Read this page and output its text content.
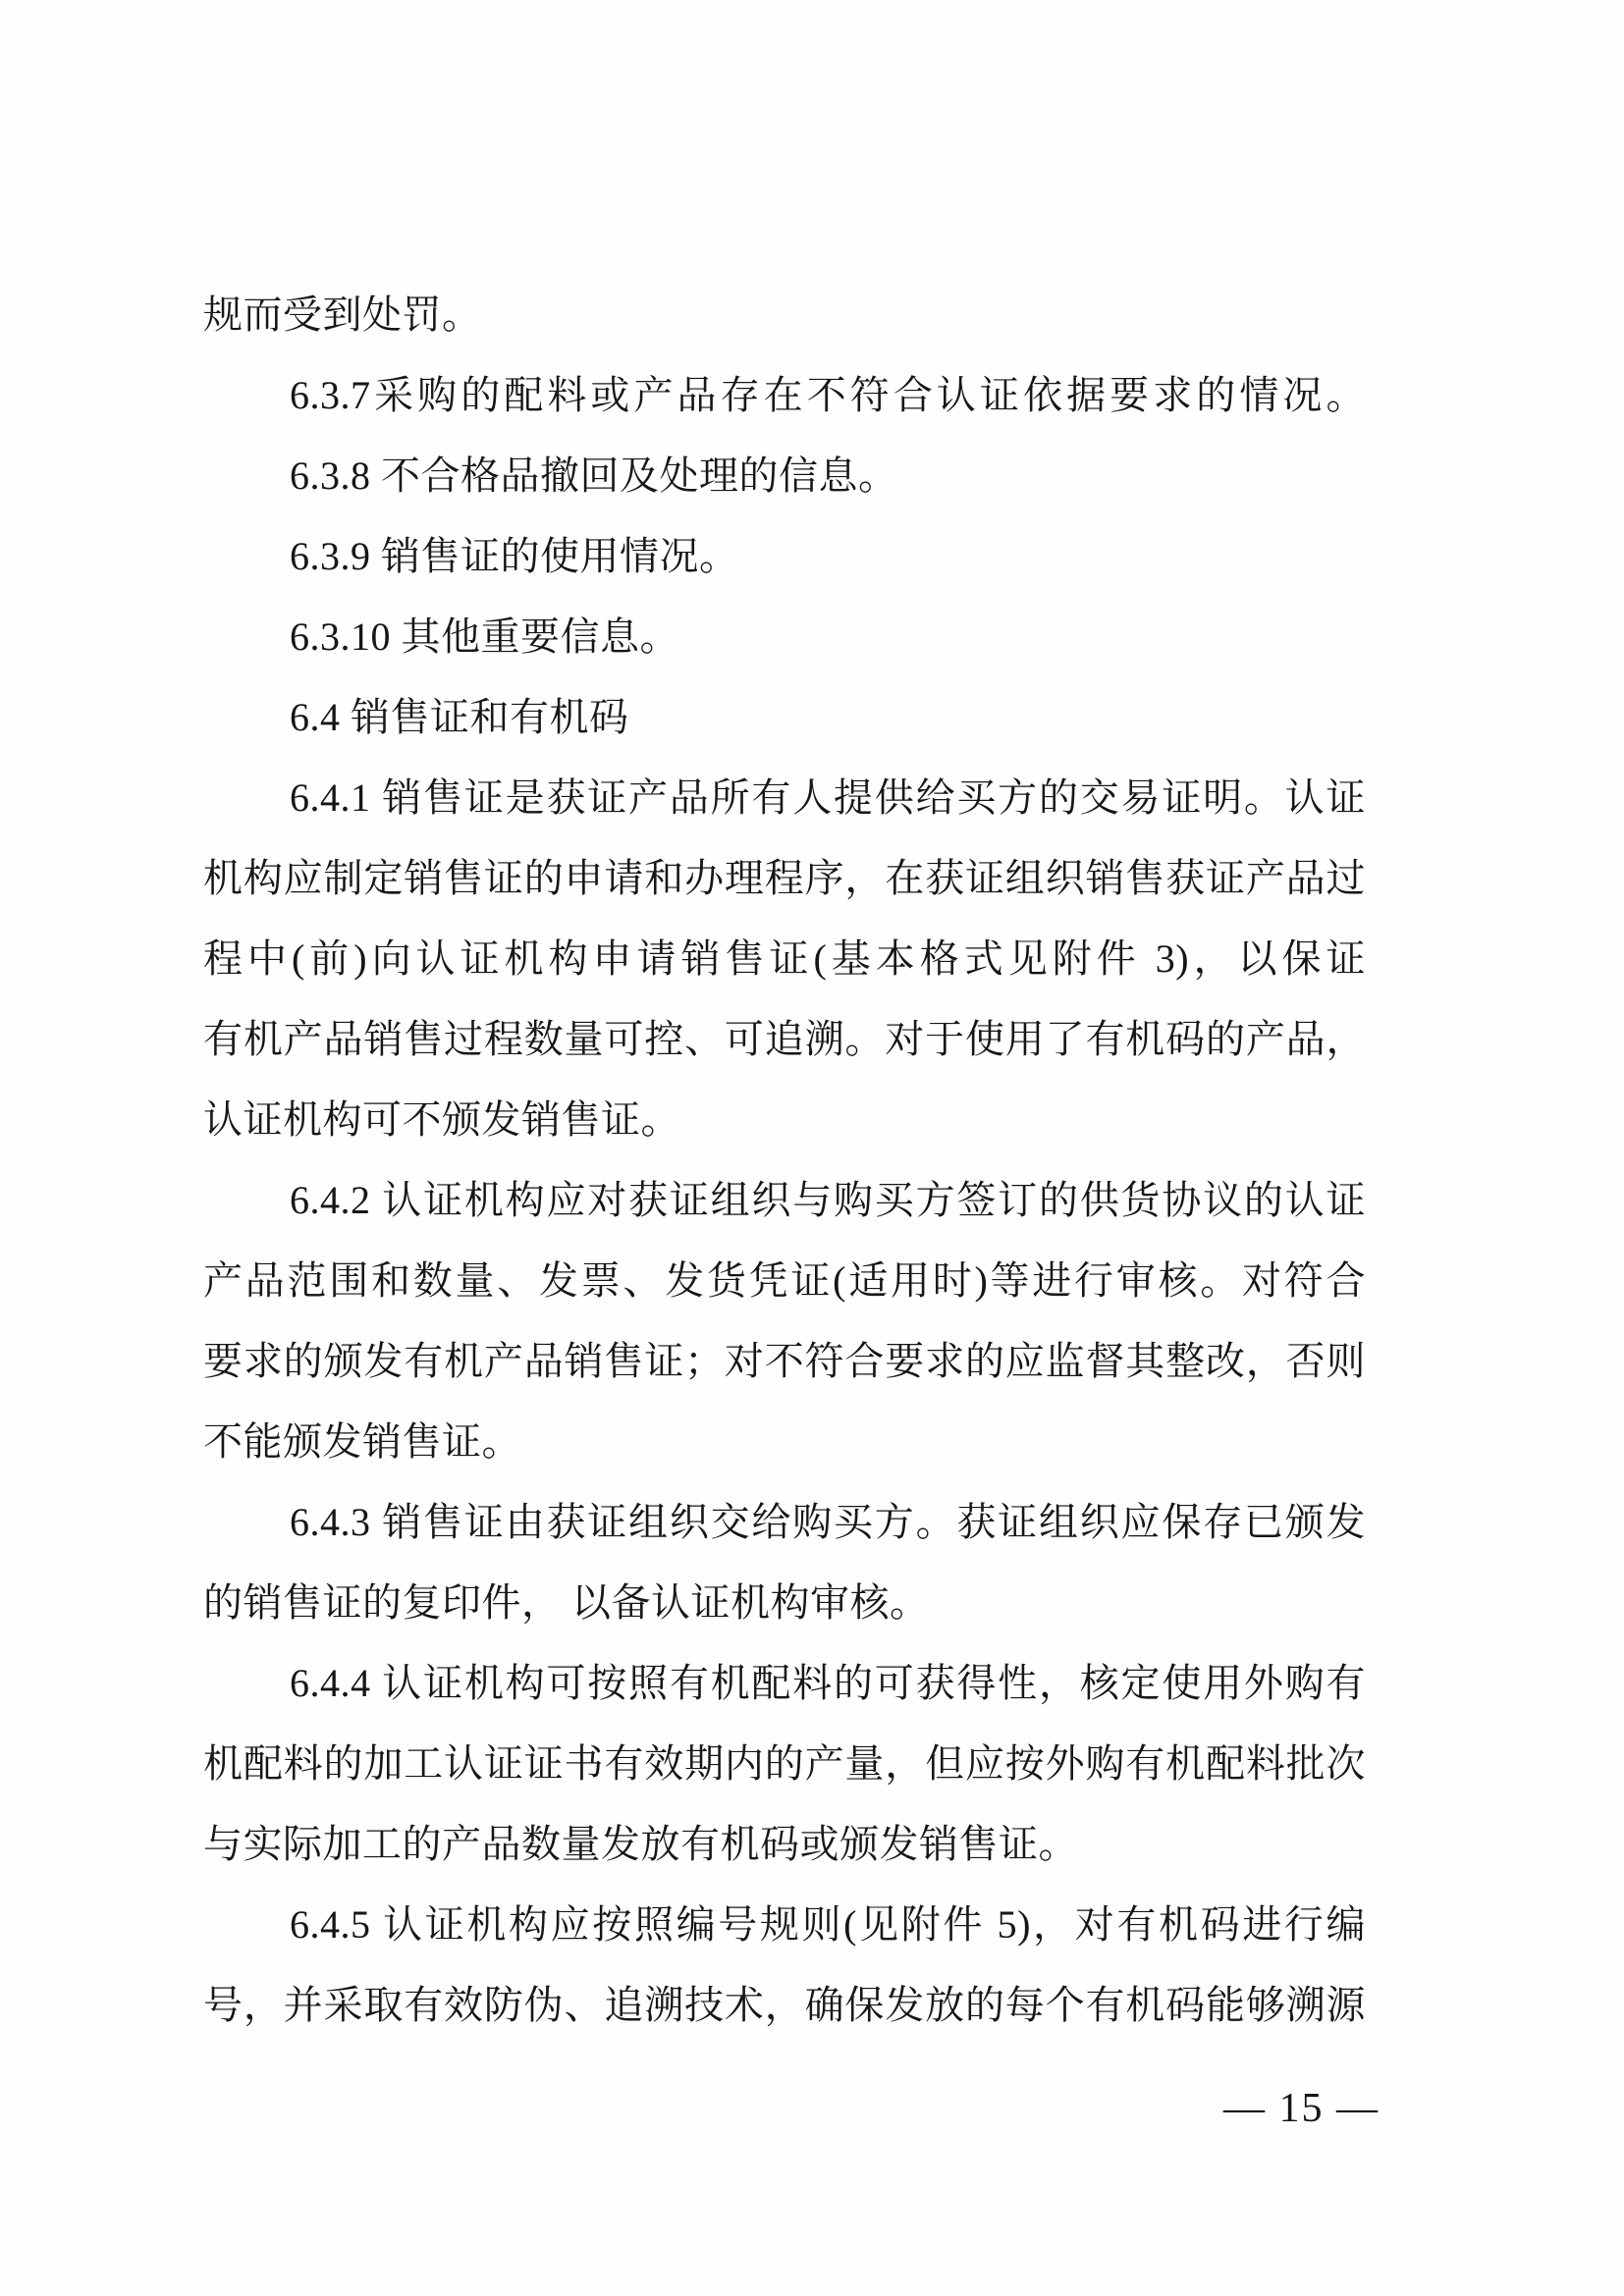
规而受到处罚。
6.3.7采购的配料或产品存在不符合认证依据要求的情况。
6.3.8 不合格品撤回及处理的信息。
6.3.9 销售证的使用情况。
6.3.10 其他重要信息。
6.4 销售证和有机码
6.4.1 销售证是获证产品所有人提供给买方的交易证明。认证
机构应制定销售证的申请和办理程序，在获证组织销售获证产品过
程中(前)向认证机构申请销售证(基本格式见附件 3)，以保证
有机产品销售过程数量可控、可追溯。对于使用了有机码的产品，
认证机构可不颁发销售证。
6.4.2 认证机构应对获证组织与购买方签订的供货协议的认证
产品范围和数量、发票、发货凭证(适用时)等进行审核。对符合
要求的颁发有机产品销售证；对不符合要求的应监督其整改，否则
不能颁发销售证。
6.4.3 销售证由获证组织交给购买方。获证组织应保存已颁发
的销售证的复印件， 以备认证机构审核。
6.4.4 认证机构可按照有机配料的可获得性，核定使用外购有
机配料的加工认证证书有效期内的产量，但应按外购有机配料批次
与实际加工的产品数量发放有机码或颁发销售证。
6.4.5 认证机构应按照编号规则(见附件 5)，对有机码进行编
号，并采取有效防伪、追溯技术，确保发放的每个有机码能够溯源
— 15 —
